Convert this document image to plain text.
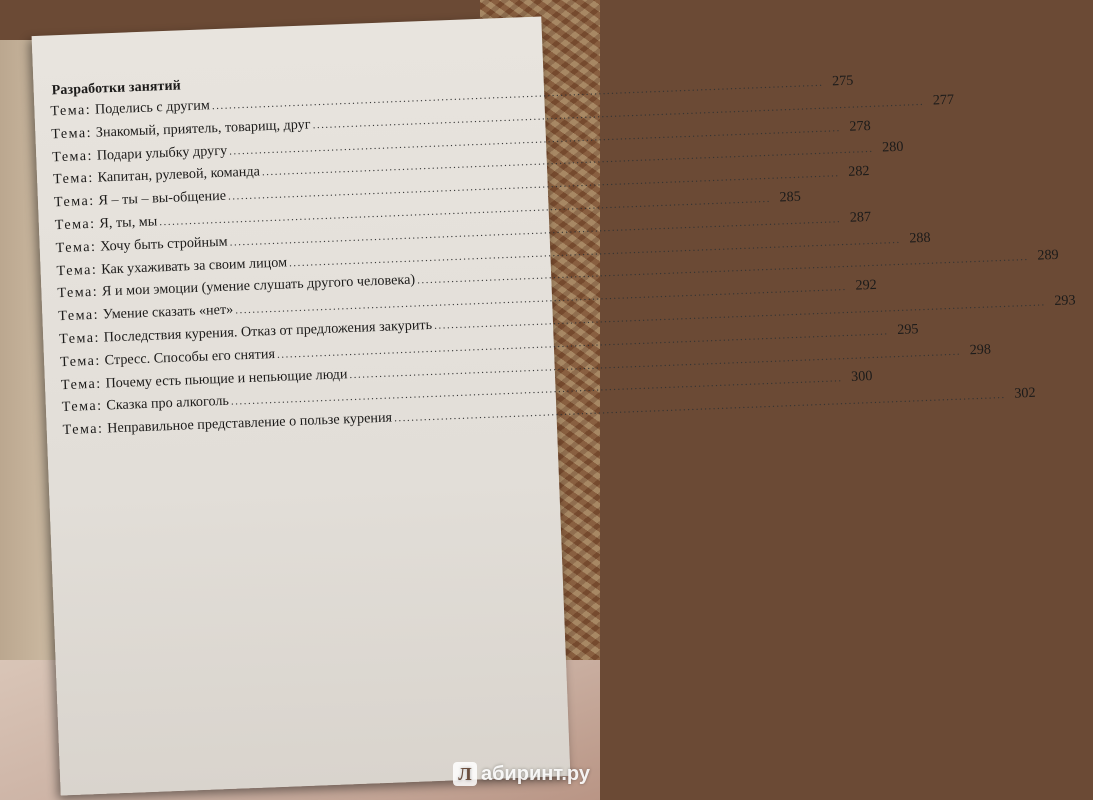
Разработки занятий
Тема: Поделись с другим
.....
275
Тема: Знакомый, приятель, товарищ, друг
.....
277
Тема: Подари улыбку другу
.....
278
Тема: Капитан, рулевой, команда
.....
280
Тема: Я – ты – вы-общение
.....
282
Тема: Я, ты, мы
.....
285
Тема: Хочу быть стройным
.....
287
Тема: Как ухаживать за своим лицом
.....
288
Тема: Я и мои эмоции (умение слушать другого человека)
.....
289
Тема: Умение сказать «нет»
.....
292
Тема: Последствия курения. Отказ от предложения закурить
.....
293
Тема: Стресс. Способы его снятия
.....
295
Тема: Почему есть пьющие и непьющие люди
.....
298
Тема: Сказка про алкоголь
.....
300
Тема: Неправильное представление о пользе курения
.....
302
Л абиринт.ру
